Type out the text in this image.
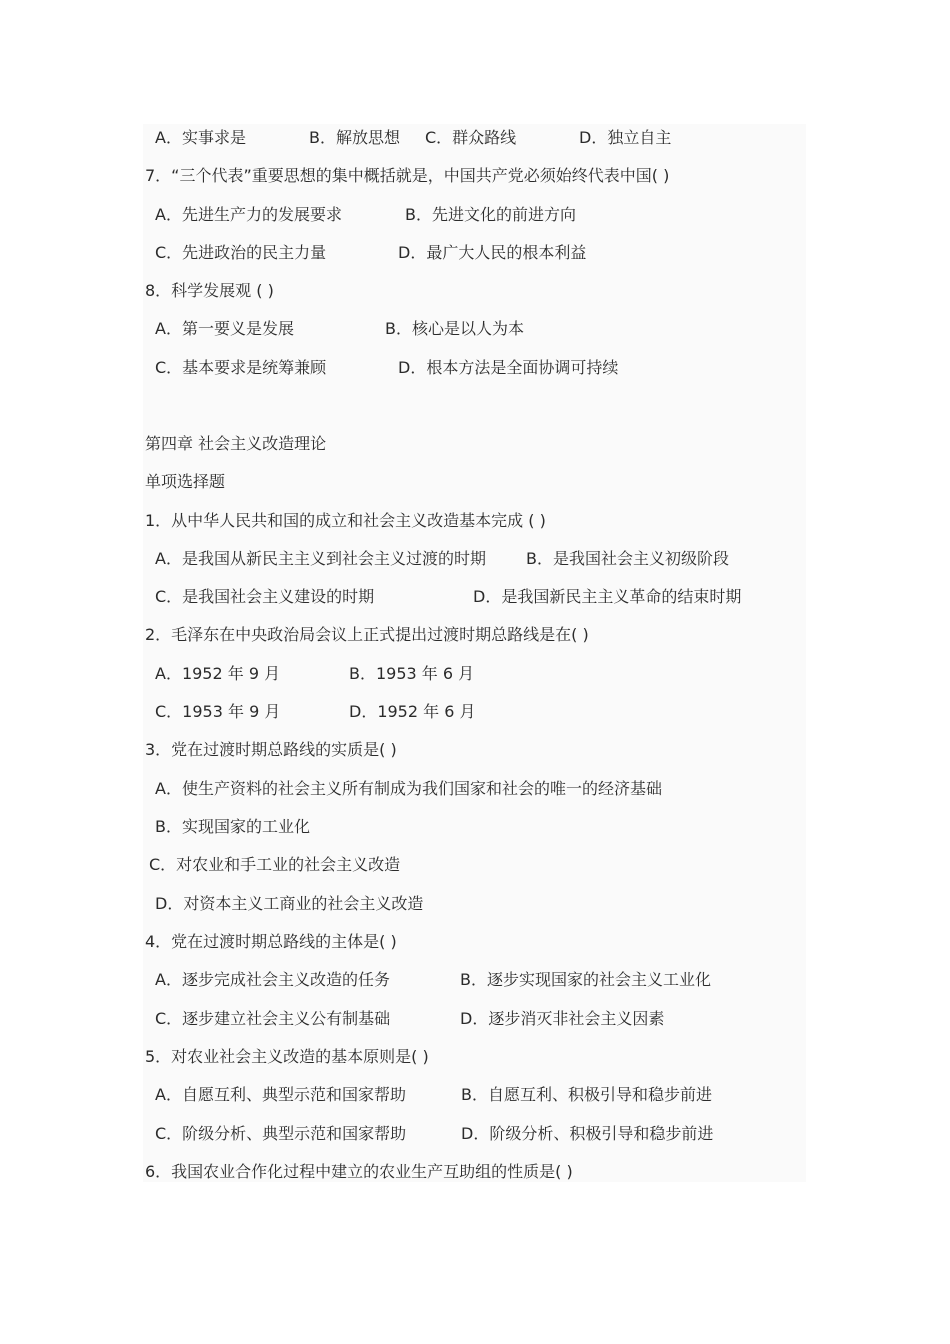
A．实事求是	B．解放思想 C．群众路线	D．独立自主

7．“三个代表”重要思想的集中概括就是，中国共产党必须始终代表中国( )

A．先进生产力的发展要求	B．先进文化的前进方向

C．先进政治的民主力量	D．最广大人民的根本利益

8．科学发展观 ( )

A．第一要义是发展	B．核心是以人为本

C．基本要求是统筹兼顾	D．根本方法是全面协调可持续

第四章 社会主义改造理论

单项选择题

1．从中华人民共和国的成立和社会主义改造基本完成 ( )

A．是我国从新民主主义到社会主义过渡的时期	B．是我国社会主义初级阶段

C．是我国社会主义建设的时期	D．是我国新民主主义革命的结束时期

2．毛泽东在中央政治局会议上正式提出过渡时期总路线是在( )

A．1952 年 9 月	B．1953 年 6 月

C．1953 年 9 月	D．1952 年 6 月

3．党在过渡时期总路线的实质是( )

A．使生产资料的社会主义所有制成为我们国家和社会的唯一的经济基础

B．实现国家的工业化

C．对农业和手工业的社会主义改造

D．对资本主义工商业的社会主义改造

4．党在过渡时期总路线的主体是( )

A．逐步完成社会主义改造的任务	B．逐步实现国家的社会主义工业化

C．逐步建立社会主义公有制基础	D．逐步消灭非社会主义因素

5．对农业社会主义改造的基本原则是( )

A．自愿互利、典型示范和国家帮助	B．自愿互利、积极引导和稳步前进

C．阶级分析、典型示范和国家帮助	D．阶级分析、积极引导和稳步前进

6．我国农业合作化过程中建立的农业生产互助组的性质是( )
